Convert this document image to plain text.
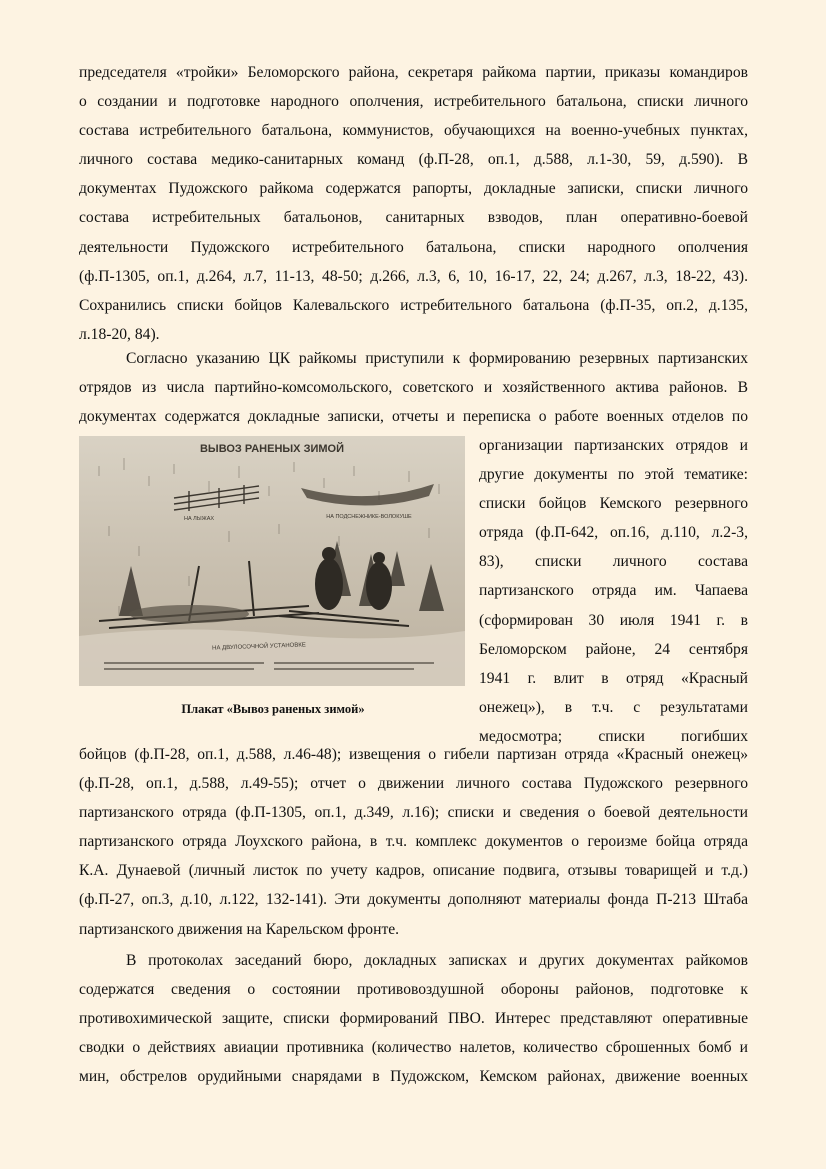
председателя «тройки» Беломорского района, секретаря райкома партии, приказы командиров

о создании и подготовке народного ополчения, истребительного батальона, списки личного

состава истребительного батальона, коммунистов, обучающихся на военно-учебных пунктах,

личного состава медико-санитарных команд (ф.П-28, оп.1, д.588, л.1-30, 59, д.590). В

документах Пудожского райкома содержатся рапорты, докладные записки, списки личного

состава истребительных батальонов, санитарных взводов, план оперативно-боевой

деятельности Пудожского истребительного батальона, списки народного ополчения

(ф.П-1305, оп.1, д.264, л.7, 11-13, 48-50; д.266, л.3, 6, 10, 16-17, 22, 24; д.267, л.3, 18-22, 43).

Сохранились списки бойцов Калевальского истребительного батальона (ф.П-35, оп.2, д.135,

л.18-20, 84).

Согласно указанию ЦК райкомы приступили к формированию резервных партизанских

отрядов из числа партийно-комсомольского, советского и хозяйственного актива районов. В

документах содержатся докладные записки, отчеты и переписка о работе военных отделов по

ВЫВОЗ РАНЕНЫХ ЗИМОЙ
НА ЛЫЖАХ	НА ПОДСНЕЖНИКЕ-ВОЛОКУШЕ
НА ДВУЛОСОЧНОЙ УСТАНОВКЕ
Плакат «Вывоз раненых зимой»

организации партизанских отрядов и

другие документы по этой тематике:

списки бойцов Кемского резервного

отряда (ф.П-642, оп.16, д.110, л.2-3,

83), списки личного состава

партизанского отряда им. Чапаева

(сформирован 30 июля 1941 г. в

Беломорском районе, 24 сентября

1941 г. влит в отряд «Красный

онежец»), в т.ч. с результатами

медосмотра; списки погибших

бойцов (ф.П-28, оп.1, д.588, л.46-48); извещения о гибели партизан отряда «Красный онежец»

(ф.П-28, оп.1, д.588, л.49-55); отчет о движении личного состава Пудожского резервного

партизанского отряда (ф.П-1305, оп.1, д.349, л.16); списки и сведения о боевой деятельности

партизанского отряда Лоухского района, в т.ч. комплекс документов о героизме бойца отряда

К.А. Дунаевой (личный листок по учету кадров, описание подвига, отзывы товарищей и т.д.)

(ф.П-27, оп.3, д.10, л.122, 132-141). Эти документы дополняют материалы фонда П-213 Штаба

партизанского движения на Карельском фронте.

В протоколах заседаний бюро, докладных записках и других документах райкомов

содержатся сведения о состоянии противовоздушной обороны районов, подготовке к

противохимической защите, списки формирований ПВО. Интерес представляют оперативные

сводки о действиях авиации противника (количество налетов, количество сброшенных бомб и

мин, обстрелов орудийными снарядами в Пудожском, Кемском районах, движение военных
